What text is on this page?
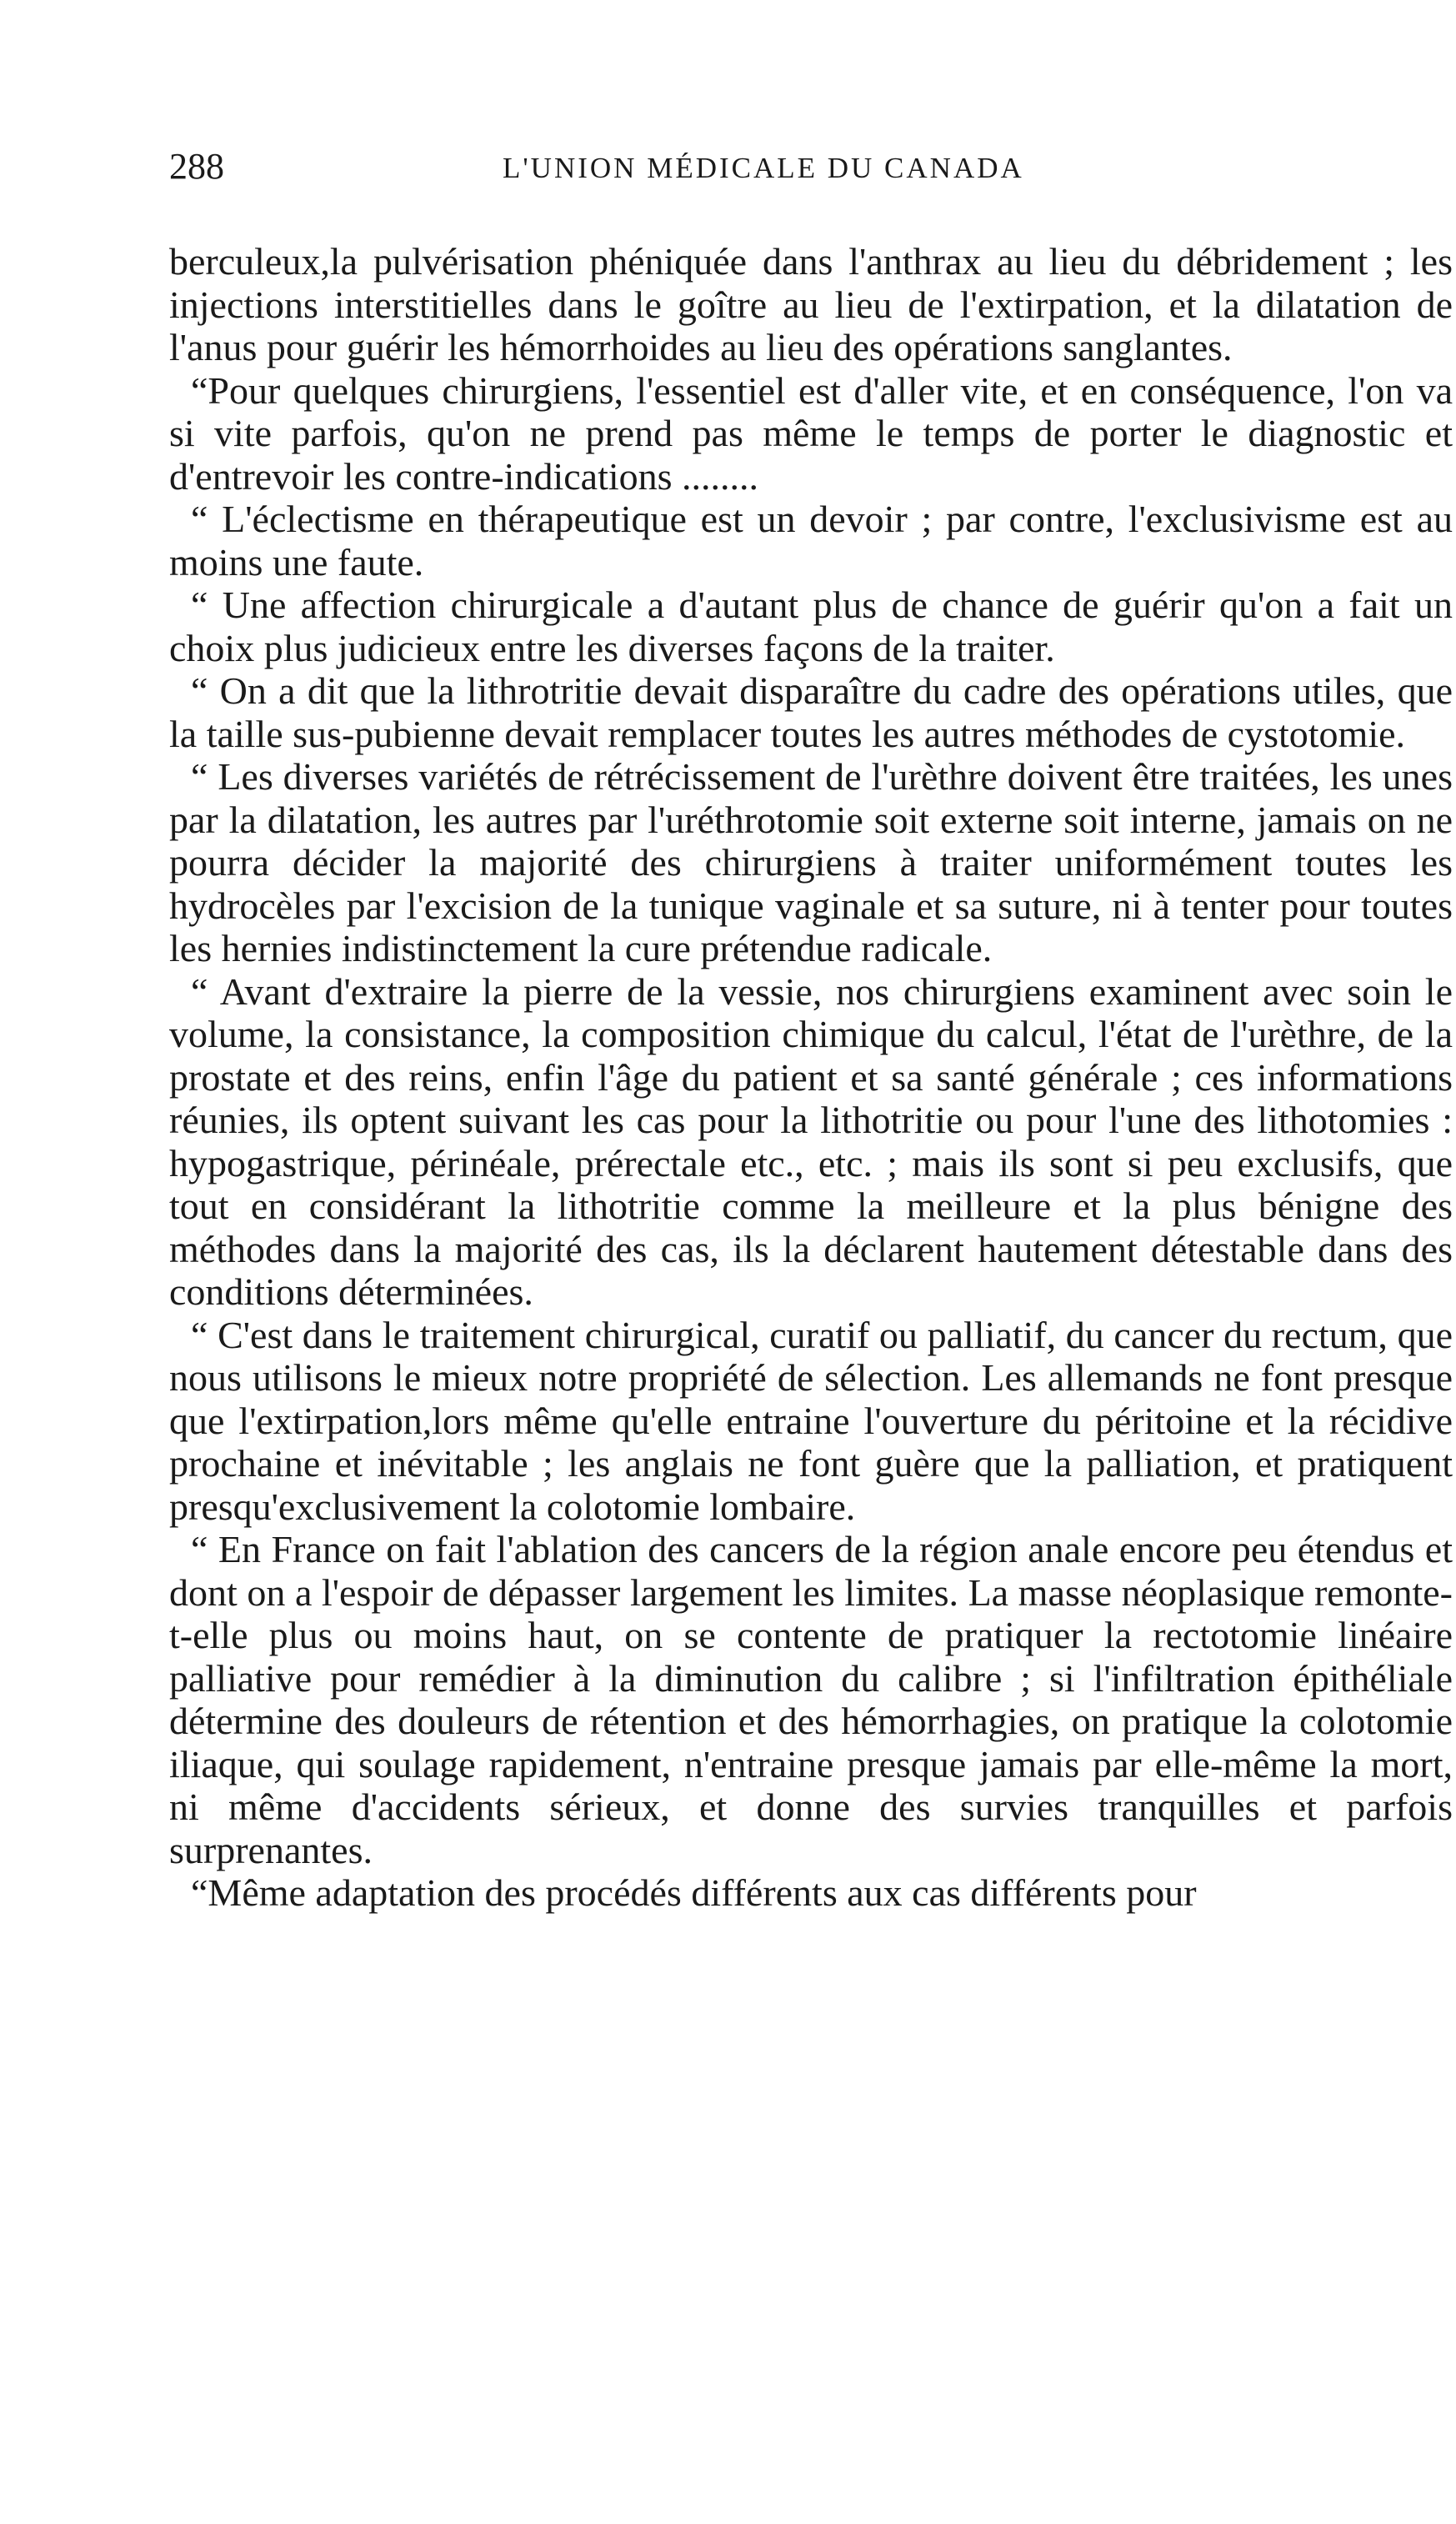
288	L'UNION MÉDICALE DU CANADA

berculeux,la pulvérisation phéniquée dans l'anthrax au lieu du débridement ; les injections interstitielles dans le goître au lieu de l'extirpation, et la dilatation de l'anus pour guérir les hémorrhoides au lieu des opérations sanglantes.

“Pour quelques chirurgiens, l'essentiel est d'aller vite, et en conséquence, l'on va si vite parfois, qu'on ne prend pas même le temps de porter le diagnostic et d'entrevoir les contre-indications ........

“ L'éclectisme en thérapeutique est un devoir ; par contre, l'exclusivisme est au moins une faute.

“ Une affection chirurgicale a d'autant plus de chance de guérir qu'on a fait un choix plus judicieux entre les diverses façons de la traiter.

“ On a dit que la lithrotritie devait disparaître du cadre des opérations utiles, que la taille sus-pubienne devait remplacer toutes les autres méthodes de cystotomie.

“ Les diverses variétés de rétrécissement de l'urèthre doivent être traitées, les unes par la dilatation, les autres par l'uréthrotomie soit externe soit interne, jamais on ne pourra décider la majorité des chirurgiens à traiter uniformément toutes les hydrocèles par l'excision de la tunique vaginale et sa suture, ni à tenter pour toutes les hernies indistinctement la cure prétendue radicale.

“ Avant d'extraire la pierre de la vessie, nos chirurgiens examinent avec soin le volume, la consistance, la composition chimique du calcul, l'état de l'urèthre, de la prostate et des reins, enfin l'âge du patient et sa santé générale ; ces informations réunies, ils optent suivant les cas pour la lithotritie ou pour l'une des lithotomies : hypogastrique, périnéale, prérectale etc., etc. ; mais ils sont si peu exclusifs, que tout en considérant la lithotritie comme la meilleure et la plus bénigne des méthodes dans la majorité des cas, ils la déclarent hautement détestable dans des conditions déterminées.

“ C'est dans le traitement chirurgical, curatif ou palliatif, du cancer du rectum, que nous utilisons le mieux notre propriété de sélection. Les allemands ne font presque que l'extirpation,lors même qu'elle entraine l'ouverture du péritoine et la récidive prochaine et inévitable ; les anglais ne font guère que la palliation, et pratiquent presqu'exclusivement la colotomie lombaire.

“ En France on fait l'ablation des cancers de la région anale encore peu étendus et dont on a l'espoir de dépasser largement les limites. La masse néoplasique remonte-t-elle plus ou moins haut, on se contente de pratiquer la rectotomie linéaire palliative pour remédier à la diminution du calibre ; si l'infiltration épithéliale détermine des douleurs de rétention et des hémorrhagies, on pratique la colotomie iliaque, qui soulage rapidement, n'entraine presque jamais par elle-même la mort, ni même d'accidents sérieux, et donne des survies tranquilles et parfois surprenantes.

“Même adaptation des procédés différents aux cas différents pour
